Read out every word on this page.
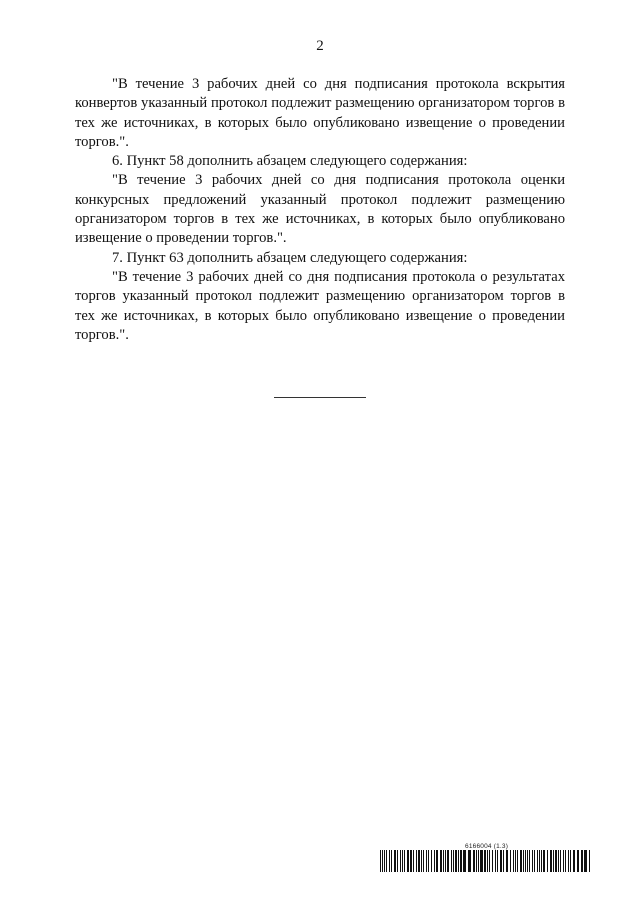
2

"В течение 3 рабочих дней со дня подписания протокола вскрытия конвертов указанный протокол подлежит размещению организатором торгов в тех же источниках, в которых было опубликовано извещение о проведении торгов.".

6. Пункт 58 дополнить абзацем следующего содержания:

"В течение 3 рабочих дней со дня подписания протокола оценки конкурсных предложений указанный протокол подлежит размещению организатором торгов в тех же источниках, в которых было опубликовано извещение о проведении торгов.".

7. Пункт 63 дополнить абзацем следующего содержания:

"В течение 3 рабочих дней со дня подписания протокола о результатах торгов указанный протокол подлежит размещению организатором торгов в тех же источниках, в которых было опубликовано извещение о проведении торгов.".

6166004 (1.3)
